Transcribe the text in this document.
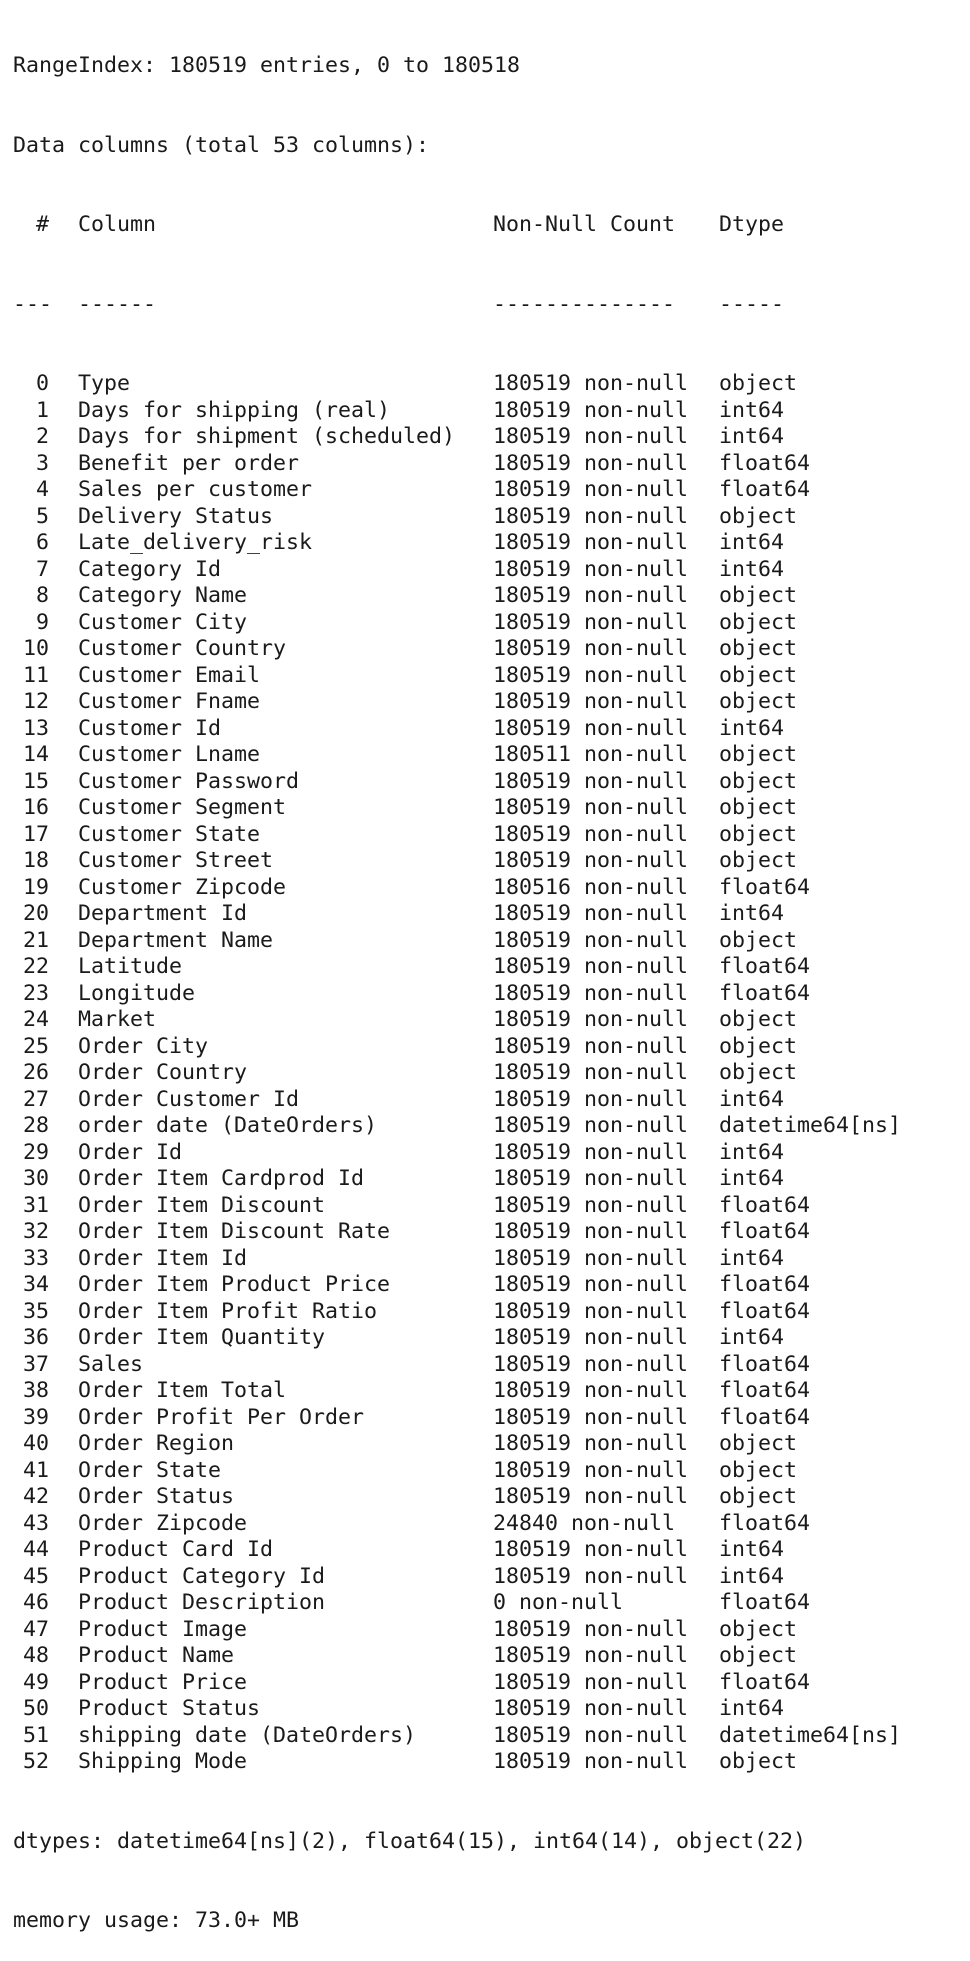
RangeIndex: 180519 entries, 0 to 180518

Data columns (total 53 columns):

# Column	Non-Null Count Dtype

--- ------	-------------- -----

0 Type	180519 non-null object
1 Days for shipping (real)	180519 non-null int64
2 Days for shipment (scheduled) 180519 non-null int64
3 Benefit per order	180519 non-null float64
4 Sales per customer	180519 non-null float64
5 Delivery Status	180519 non-null object
6 Late_delivery_risk	180519 non-null int64
7 Category Id	180519 non-null int64
8 Category Name	180519 non-null object
9 Customer City	180519 non-null object
10 Customer Country	180519 non-null object
11 Customer Email	180519 non-null object
12 Customer Fname	180519 non-null object
13 Customer Id	180519 non-null int64
14 Customer Lname	180511 non-null object
15 Customer Password	180519 non-null object
16 Customer Segment	180519 non-null object
17 Customer State	180519 non-null object
18 Customer Street	180519 non-null object
19 Customer Zipcode	180516 non-null float64
20 Department Id	180519 non-null int64
21 Department Name	180519 non-null object
22 Latitude	180519 non-null float64
23 Longitude	180519 non-null float64
24 Market	180519 non-null object
25 Order City	180519 non-null object
26 Order Country	180519 non-null object
27 Order Customer Id	180519 non-null int64
28 order date (DateOrders)	180519 non-null datetime64[ns]
29 Order Id	180519 non-null int64
30 Order Item Cardprod Id	180519 non-null int64
31 Order Item Discount	180519 non-null float64
32 Order Item Discount Rate	180519 non-null float64
33 Order Item Id	180519 non-null int64
34 Order Item Product Price	180519 non-null float64
35 Order Item Profit Ratio	180519 non-null float64
36 Order Item Quantity	180519 non-null int64
37 Sales	180519 non-null float64
38 Order Item Total	180519 non-null float64
39 Order Profit Per Order	180519 non-null float64
40 Order Region	180519 non-null object
41 Order State	180519 non-null object
42 Order Status	180519 non-null object
43 Order Zipcode	24840 non-null float64
44 Product Card Id	180519 non-null int64
45 Product Category Id	180519 non-null int64
46 Product Description	0 non-null	float64
47 Product Image	180519 non-null object
48 Product Name	180519 non-null object
49 Product Price	180519 non-null float64
50 Product Status	180519 non-null int64
51 shipping date (DateOrders)	180519 non-null datetime64[ns]
52 Shipping Mode	180519 non-null object

dtypes: datetime64[ns](2), float64(15), int64(14), object(22)

memory usage: 73.0+ MB
